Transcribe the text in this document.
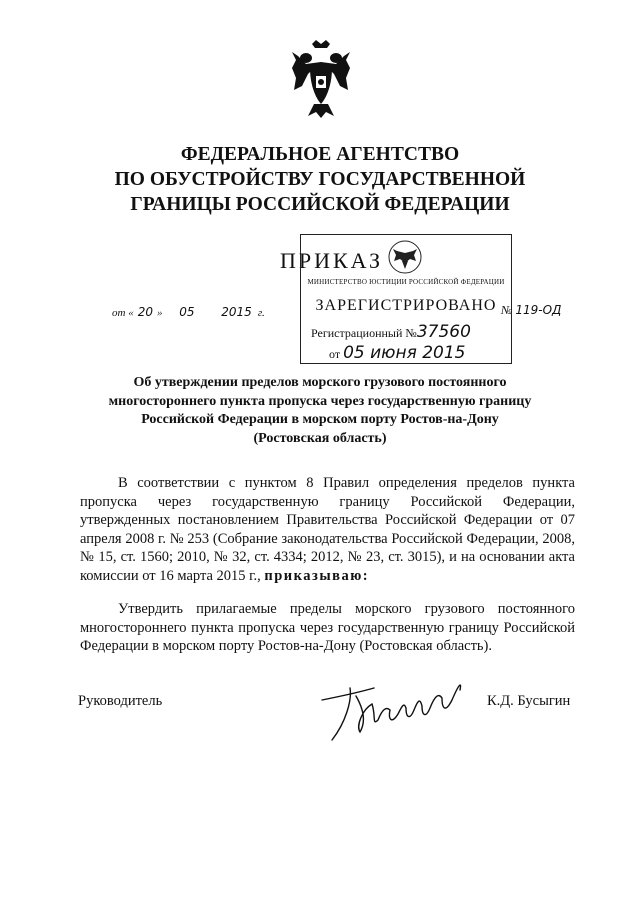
ФЕДЕРАЛЬНОЕ АГЕНТСТВО
ПО ОБУСТРОЙСТВУ ГОСУДАРСТВЕННОЙ
ГРАНИЦЫ РОССИЙСКОЙ ФЕДЕРАЦИИ
ПРИКАЗ
от « 20 » 05 2015 г.	№ 119-ОД
МИНИСТЕРСТВО ЮСТИЦИИ РОССИЙСКОЙ ФЕДЕРАЦИИ
ЗАРЕГИСТРИРОВАНО
Регистрационный №37560
от 05 июня 2015
Об утверждении пределов морского грузового постоянного
многостороннего пункта пропуска через государственную границу
Российской Федерации в морском порту Ростов-на-Дону
(Ростовская область)
В соответствии с пунктом 8 Правил определения пределов пункта пропуска через государственную границу Российской Федерации, утвержденных постановлением Правительства Российской Федерации от 07 апреля 2008 г. № 253 (Собрание законодательства Российской Федерации, 2008, № 15, ст. 1560; 2010, № 32, ст. 4334; 2012, № 23, ст. 3015), и на основании акта комиссии от 16 марта 2015 г., приказываю:
Утвердить прилагаемые пределы морского грузового постоянного многостороннего пункта пропуска через государственную границу Российской Федерации в морском порту Ростов-на-Дону (Ростовская область).
Руководитель	К.Д. Бусыгин
